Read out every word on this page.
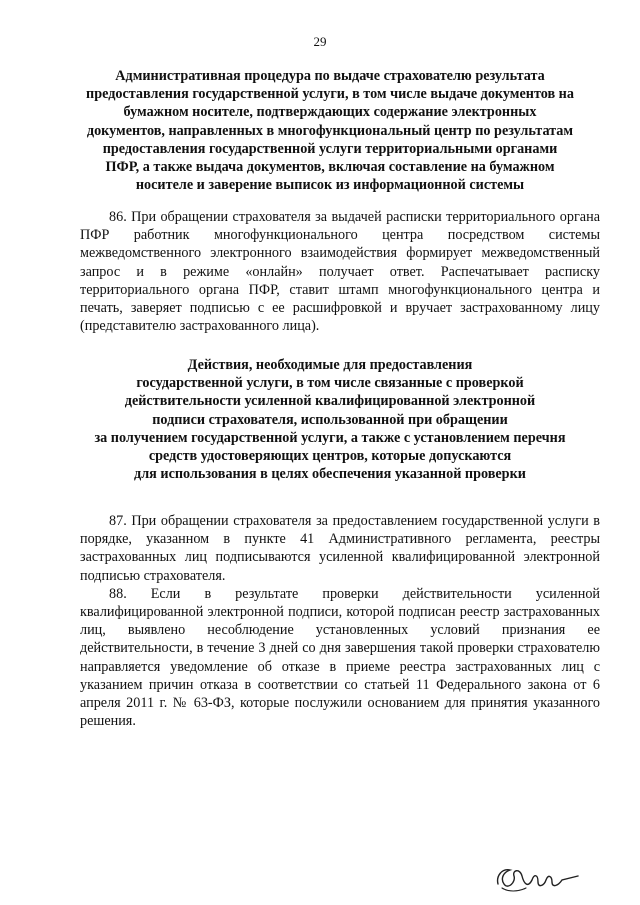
29
Административная процедура по выдаче страхователю результата
предоставления государственной услуги, в том числе выдаче документов на
бумажном носителе, подтверждающих содержание электронных
документов, направленных в многофункциональный центр по результатам
предоставления государственной услуги территориальными органами
ПФР, а также выдача документов, включая составление на бумажном
носителе и заверение выписок из информационной системы

86. При обращении страхователя за выдачей расписки территориального органа ПФР работник многофункционального центра посредством системы межведомственного электронного взаимодействия формирует межведомственный запрос и в режиме «онлайн» получает ответ. Распечатывает расписку территориального органа ПФР, ставит штамп многофункционального центра и печать, заверяет подписью с ее расшифровкой и вручает застрахованному лицу (представителю застрахованного лица).

Действия, необходимые для предоставления
государственной услуги, в том числе связанные с проверкой
действительности усиленной квалифицированной электронной
подписи страхователя, использованной при обращении
за получением государственной услуги, а также с установлением перечня
средств удостоверяющих центров, которые допускаются
для использования в целях обеспечения указанной проверки

87. При обращении страхователя за предоставлением государственной услуги в порядке, указанном в пункте 41 Административного регламента, реестры застрахованных лиц подписываются усиленной квалифицированной электронной подписью страхователя.

88. Если в результате проверки действительности усиленной квалифицированной электронной подписи, которой подписан реестр застрахованных лиц, выявлено несоблюдение установленных условий признания ее действительности, в течение 3 дней со дня завершения такой проверки страхователю направляется уведомление об отказе в приеме реестра застрахованных лиц с указанием причин отказа в соответствии со статьей 11 Федерального закона от 6 апреля 2011 г. № 63-ФЗ, которые послужили основанием для принятия указанного решения.
